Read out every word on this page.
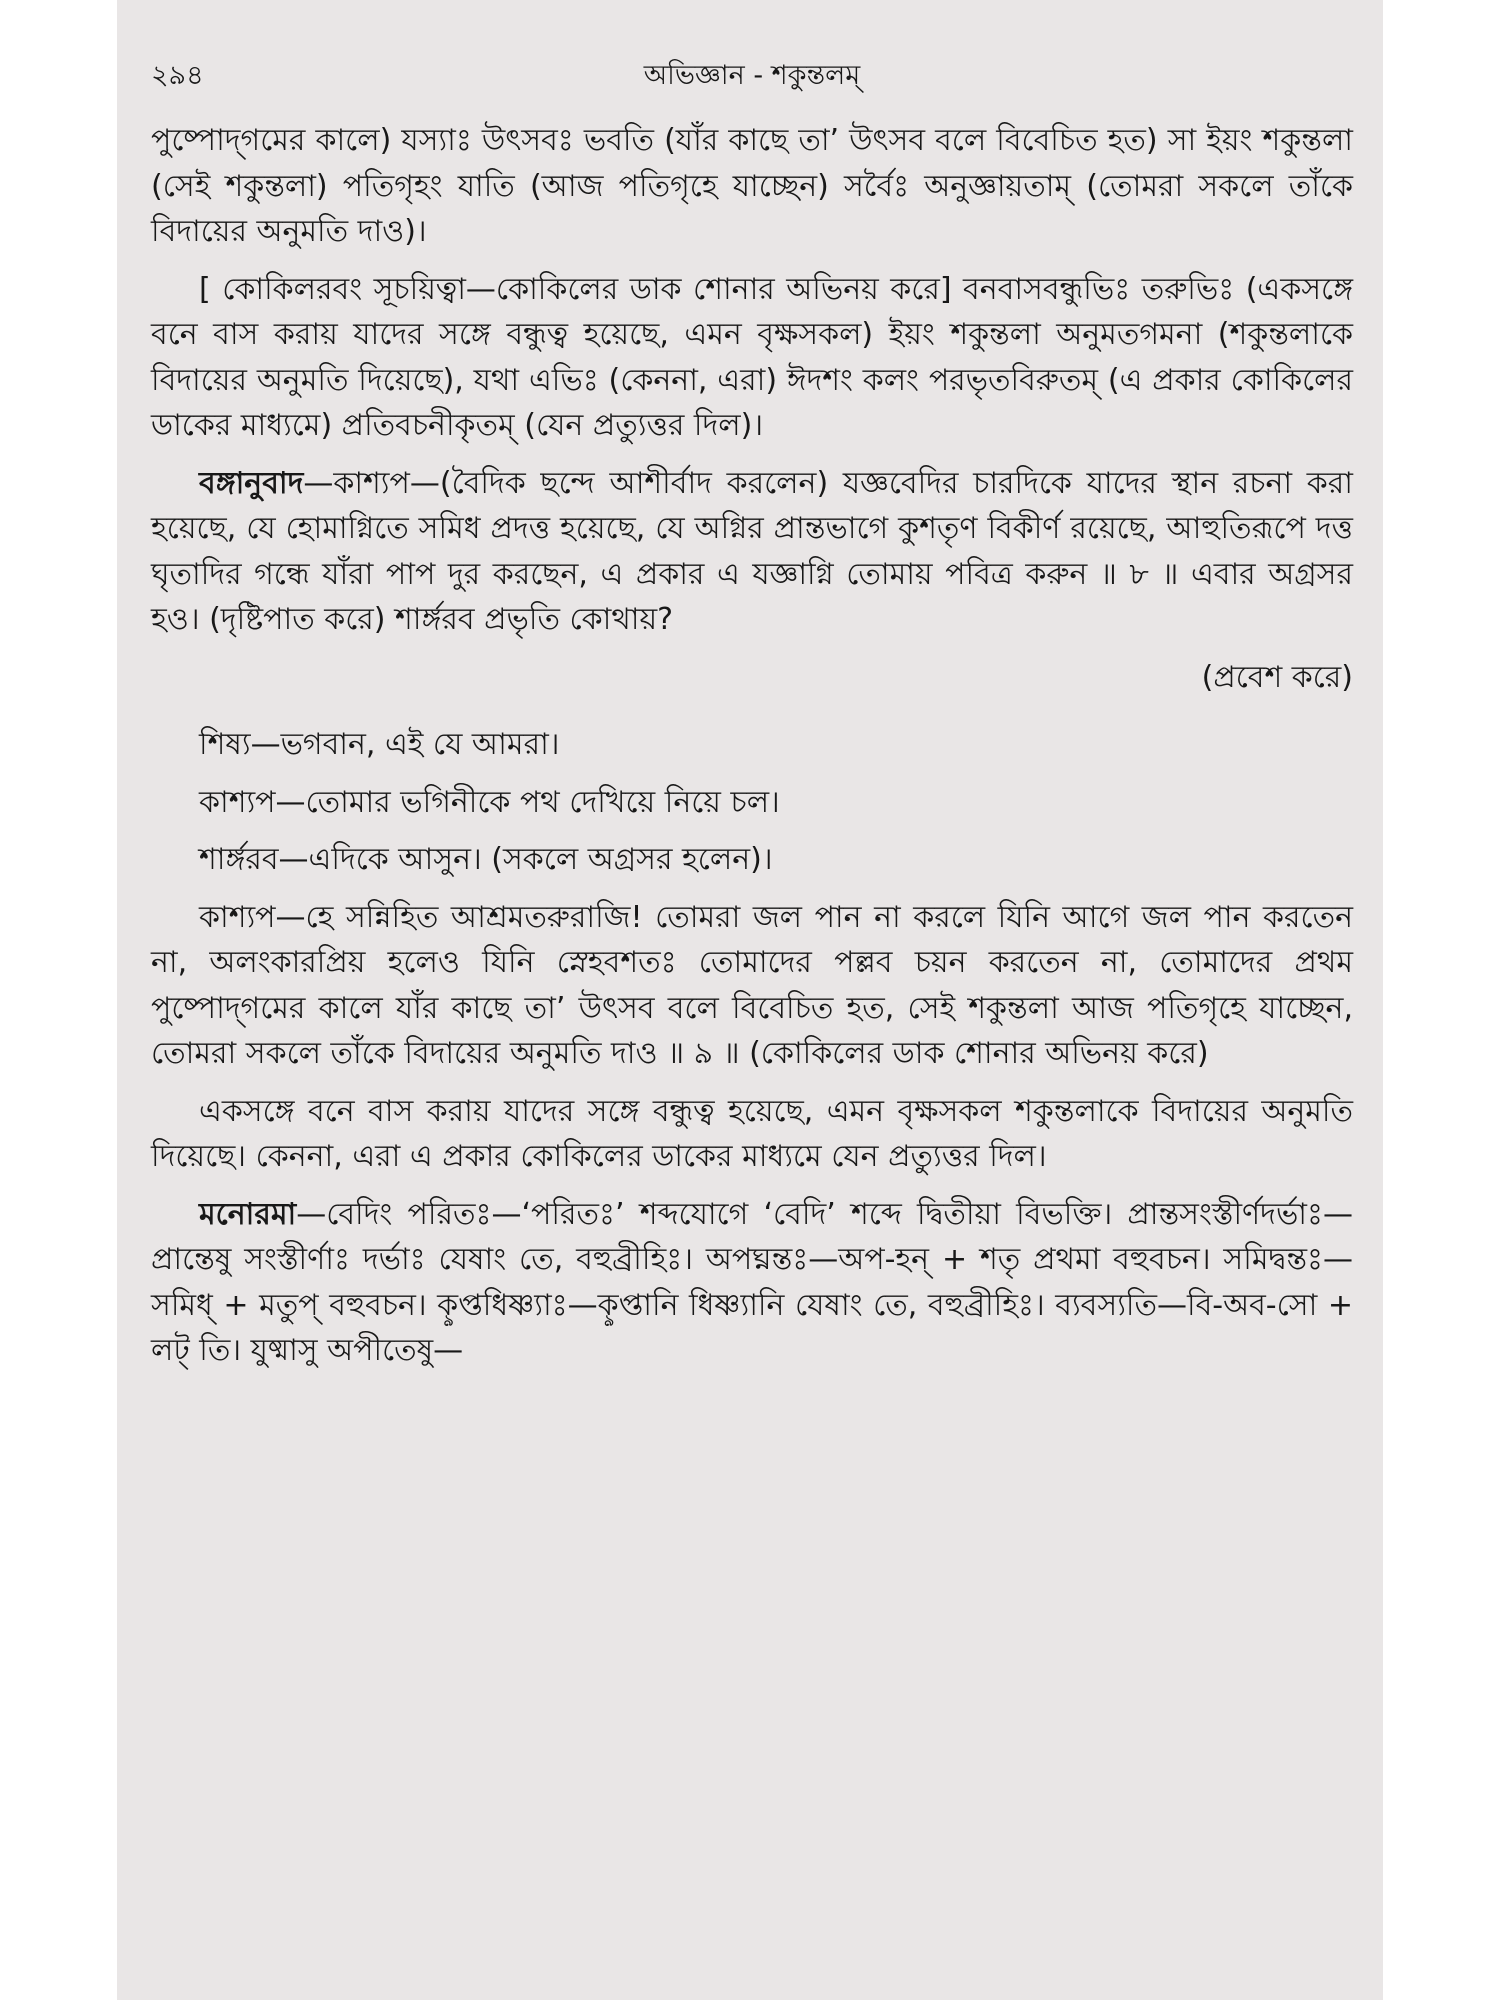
২৯৪	অভিজ্ঞান - শকুন্তলম্

পুষ্পোদ্‌গমের কালে) যস্যাঃ উৎসবঃ ভবতি (যাঁর কাছে তা’ উৎসব বলে বিবেচিত হত) সা ইয়ং শকুন্তলা (সেই শকুন্তলা) পতিগৃহং যাতি (আজ পতিগৃহে যাচ্ছেন) সর্বৈঃ অনুজ্ঞায়তাম্ (তোমরা সকলে তাঁকে বিদায়ের অনুমতি দাও)।

[ কোকিলরবং সূচয়িত্বা—কোকিলের ডাক শোনার অভিনয় করে] বনবাসবন্ধুভিঃ তরুভিঃ (একসঙ্গে বনে বাস করায় যাদের সঙ্গে বন্ধুত্ব হয়েছে, এমন বৃক্ষসকল) ইয়ং শকুন্তলা অনুমতগমনা (শকুন্তলাকে বিদায়ের অনুমতি দিয়েছে), যথা এভিঃ (কেননা, এরা) ঈদশং কলং পরভৃতবিরুতম্ (এ প্রকার কোকিলের ডাকের মাধ্যমে) প্রতিবচনীকৃতম্ (যেন প্রত্যুত্তর দিল)।

বঙ্গানুবাদ—কাশ্যপ—(বৈদিক ছন্দে আশীর্বাদ করলেন) যজ্ঞবেদির চারদিকে যাদের স্থান রচনা করা হয়েছে, যে হোমাগ্নিতে সমিধ প্রদত্ত হয়েছে, যে অগ্নির প্রান্তভাগে কুশতৃণ বিকীর্ণ রয়েছে, আহুতিরূপে দত্ত ঘৃতাদির গন্ধে যাঁরা পাপ দুর করছেন, এ প্রকার এ যজ্ঞাগ্নি তোমায় পবিত্র করুন ॥ ৮ ॥ এবার অগ্রসর হও। (দৃষ্টিপাত করে) শার্ঙ্গরব প্রভৃতি কোথায়?

(প্রবেশ করে)

শিষ্য—ভগবান, এই যে আমরা।

কাশ্যপ—তোমার ভগিনীকে পথ দেখিয়ে নিয়ে চল।

শার্ঙ্গরব—এদিকে আসুন। (সকলে অগ্রসর হলেন)।

কাশ্যপ—হে সন্নিহিত আশ্রমতরুরাজি! তোমরা জল পান না করলে যিনি আগে জল পান করতেন না, অলংকারপ্রিয় হলেও যিনি স্নেহবশতঃ তোমাদের পল্লব চয়ন করতেন না, তোমাদের প্রথম পুষ্পোদ্‌গমের কালে যাঁর কাছে তা’ উৎসব বলে বিবেচিত হত, সেই শকুন্তলা আজ পতিগৃহে যাচ্ছেন, তোমরা সকলে তাঁকে বিদায়ের অনুমতি দাও ॥ ৯ ॥ (কোকিলের ডাক শোনার অভিনয় করে)

একসঙ্গে বনে বাস করায় যাদের সঙ্গে বন্ধুত্ব হয়েছে, এমন বৃক্ষসকল শকুন্তলাকে বিদায়ের অনুমতি দিয়েছে। কেননা, এরা এ প্রকার কোকিলের ডাকের মাধ্যমে যেন প্রত্যুত্তর দিল।

মনোরমা—বেদিং পরিতঃ—‘পরিতঃ’ শব্দযোগে ‘বেদি’ শব্দে দ্বিতীয়া বিভক্তি। প্রান্তসংস্তীর্ণদর্ভাঃ—প্রান্তেষু সংস্তীর্ণাঃ দর্ভাঃ যেষাং তে, বহুব্রীহিঃ। অপঘ্নন্তঃ—অপ-হন্ + শতৃ প্রথমা বহুবচন। সমিদ্বন্তঃ—সমিধ্ + মতুপ্ বহুবচন। কৢপ্তধিষ্ণ্যাঃ—কৢপ্তানি ধিষ্ণ্যানি যেষাং তে, বহুব্রীহিঃ। ব্যবস্যতি—বি-অব-সো + লট্ তি। যুষ্মাসু অপীতেষু—
